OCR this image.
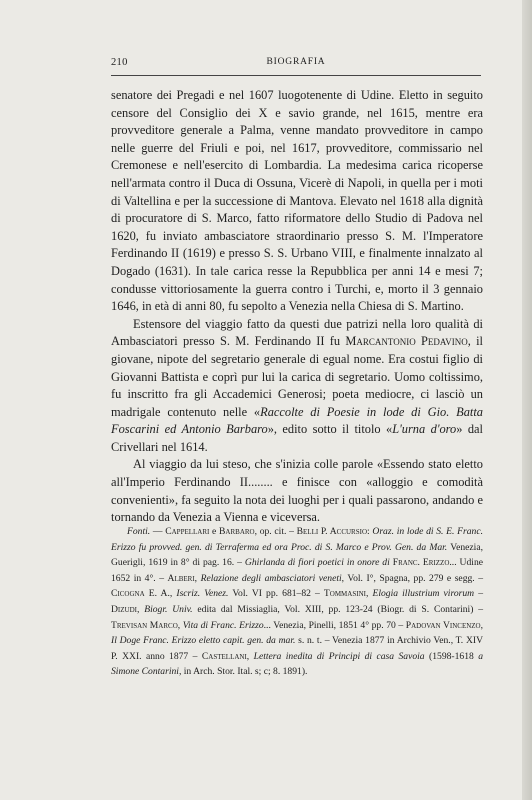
210	BIOGRAFIA

senatore dei Pregadi e nel 1607 luogotenente di Udine. Eletto in seguito censore del Consiglio dei X e savio grande, nel 1615, mentre era provveditore generale a Palma, venne mandato provveditore in campo nelle guerre del Friuli e poi, nel 1617, provveditore, commissario nel Cremonese e nell'esercito di Lombardia. La medesima carica ricoperse nell'armata contro il Duca di Ossuna, Vicerè di Napoli, in quella per i moti di Valtellina e per la successione di Mantova. Elevato nel 1618 alla dignità di procuratore di S. Marco, fatto riformatore dello Studio di Padova nel 1620, fu inviato ambasciatore straordinario presso S. M. l'Imperatore Ferdinando II (1619) e presso S. S. Urbano VIII, e finalmente innalzato al Dogado (1631). In tale carica resse la Repubblica per anni 14 e mesi 7; condusse vittoriosamente la guerra contro i Turchi, e, morto il 3 gennaio 1646, in età di anni 80, fu sepolto a Venezia nella Chiesa di S. Martino.

Estensore del viaggio fatto da questi due patrizi nella loro qualità di Ambasciatori presso S. M. Ferdinando II fu Marcantonio Pedavino, il giovane, nipote del segretario generale di egual nome. Era costui figlio di Giovanni Battista e coprì pur lui la carica di segretario. Uomo coltissimo, fu inscritto fra gli Accademici Generosi; poeta mediocre, ci lasciò un madrigale contenuto nelle «Raccolte di Poesie in lode di Gio. Batta Foscarini ed Antonio Barbaro», edito sotto il titolo «L'urna d'oro» dal Crivellari nel 1614.

Al viaggio da lui steso, che s'inizia colle parole «Essendo stato eletto all'Imperio Ferdinando II........ e finisce con «alloggio e comodità convenienti», fa seguito la nota dei luoghi per i quali passarono, andando e tornando da Venezia a Vienna e viceversa.

Fonti. — Cappellari e Barbaro, op. cit. – Belli P. Accursio: Oraz. in lode di S. E. Franc. Erizzo fu provved. gen. di Terraferma ed ora Proc. di S. Marco e Prov. Gen. da Mar. Venezia, Guerigli, 1619 in 8° di pag. 16. – Ghirlanda di fiori poetici in onore di Franc. Erizzo... Udine 1652 in 4°. – Alberi, Relazione degli ambasciatori veneti, Vol. I°, Spagna, pp. 279 e segg. – Cicogna E. A., Iscriz. Venez. Vol. VI pp. 681–82 – Tommasini, Elogia illustrium virorum – Dizudi, Biogr. Univ. edita dal Missiaglia, Vol. XIII, pp. 123-24 (Biogr. di S. Contarini) – Trevisan Marco, Vita di Franc. Erizzo... Venezia, Pinelli, 1851 4° pp. 70 – Padovan Vincenzo, Il Doge Franc. Erizzo eletto capit. gen. da mar. s. n. t. – Venezia 1877 in Archivio Ven., T. XIV P. XXI. anno 1877 – Castellani, Lettera inedita di Principi di casa Savoia (1598-1618 a Simone Contarini, in Arch. Stor. Ital. s; c; 8. 1891).
